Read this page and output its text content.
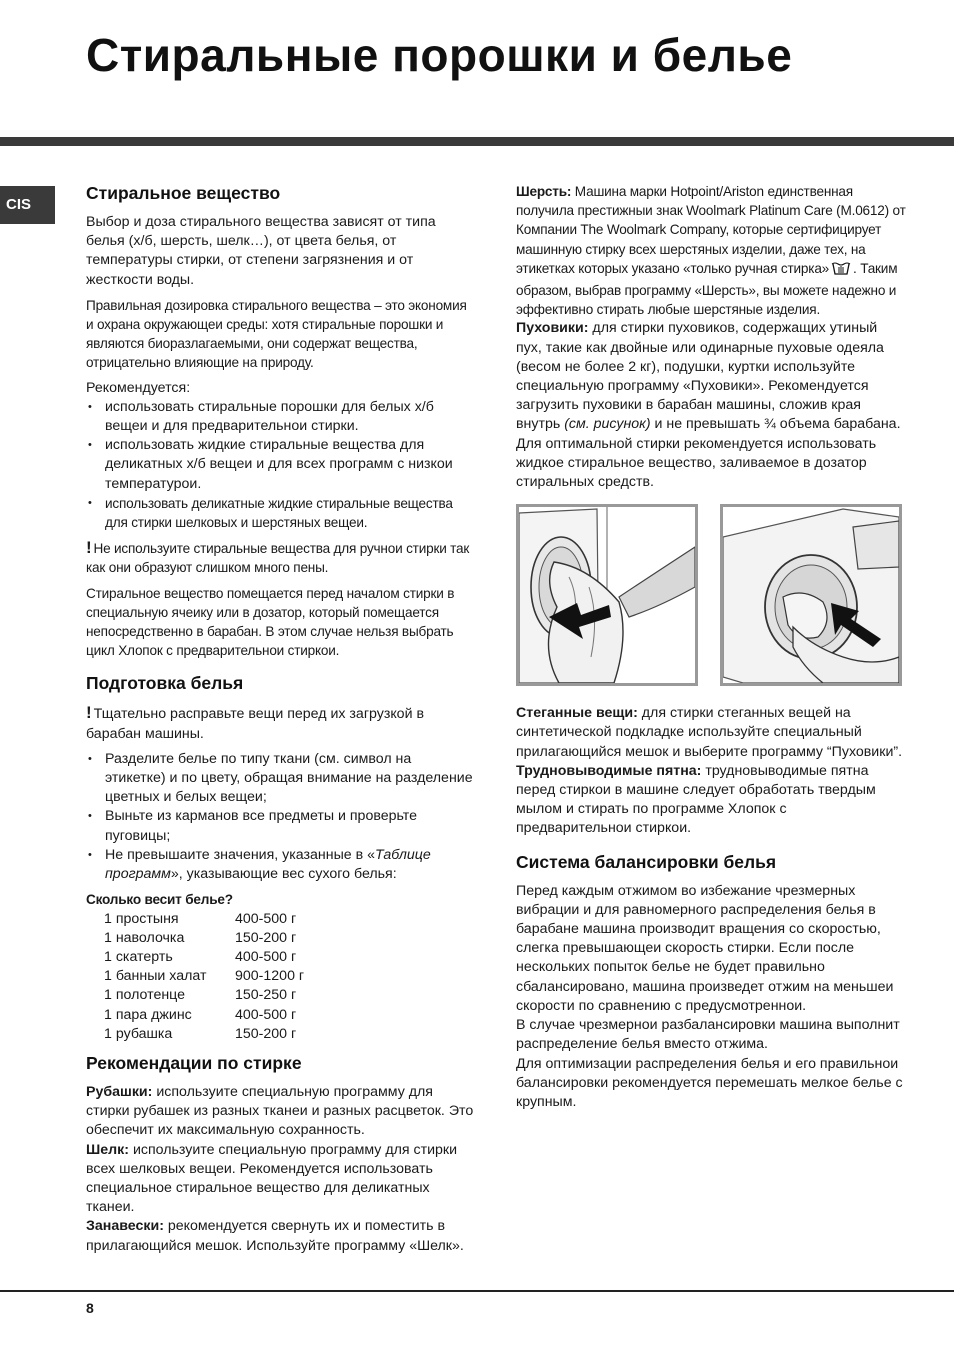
Стиральные порошки и белье
CIS
Стиральное вещество

Выбор и доза стирального вещества зависят от типа белья (х/б, шерсть, шелк…), от цвета белья, от температуры стирки, от степени загрязнения и от жесткости воды.

Правильная дозировка стирального вещества – это экономия и охрана окружающеи среды: хотя стиральные порошки и являются биоразлагаемыми, они содержат вещества, отрицательно влияющие на природу.

Рекомендуется:

• использовать стиральные порошки для белых х/б вещеи и для предварительнои стирки.
• использовать жидкие стиральные вещества для деликатных х/б вещеи и для всех программ с низкои температурои.
• использовать деликатные жидкие стиральные вещества для стирки шелковых и шерстяных вещеи.

! Не используите стиральные вещества для ручнои стирки так как они образуют слишком много пены.

Стиральное вещество помещается перед началом стирки в специальную ячеику или в дозатор, который помещается непосредственно в барабан. В этом случае нельзя выбрать цикл Хлопок с предварительнои стиркои.

Подготовка белья

! Тщательно расправьте вещи перед их загрузкой в барабан машины.

• Разделите белье по типу ткани (см. символ на этикетке) и по цвету, обращая внимание на разделение цветных и белых вещеи;
• Выньте из карманов все предметы и проверьте пуговицы;
• Не превышаите значения, указанные в «Таблице программ», указывающие вес сухого белья:

Сколько весит белье?

1 простыня	400-500 г
1 наволочка	150-200 г
1 скатерть	400-500 г
1 банныи халат	900-1200 г
1 полотенце	150-250 г
1 пара джинс	400-500 г
1 рубашка	150-200 г
Рекомендации по стирке

Рубашки: используите специальную программу для стирки рубашек из разных тканеи и разных расцветок. Это обеспечит их максимальную сохранность.

Шелк: используите специальную программу для стирки всех шелковых вещеи. Рекомендуется использовать специальное стиральное вещество для деликатных тканеи.

Занавески: рекомендуется свернуть их и поместить в прилагающийся мешок. Используйте программу «Шелк».

Шерсть: Машина марки Hotpoint/Ariston единственная получила престижныи знак Woolmark Platinum Care (M.0612) от Компании The Woolmark Company, которые сертифицирует машинную стирку всех шерстяных изделии, даже тех, на этикетках которых указано «только ручная стирка» . Таким образом, выбрав программу «Шерсть», вы можете надежно и эффективно стирать любые шерстяные изделия.

Пуховики: для стирки пуховиков, содержащих утиный пух, такие как двойные или одинарные пуховые одеяла (весом не более 2 кг), подушки, куртки используйте специальную программу «Пуховики». Рекомендуется загрузить пуховики в барабан машины, сложив края внутрь (см. рисунок) и не превышать ¾ объема барабана.

Для оптимальной стирки рекомендуется использовать жидкое стиральное вещество, заливаемое в дозатор стиральных средств.

Стеганные вещи: для стирки стеганных вещей на синтетической подкладке используйте специальный прилагающийся мешок и выберите программу “Пуховики”.

Трудновыводимые пятна: трудновыводимые пятна перед стиркои в машине следует обработать твердым мылом и стирать по программе Хлопок с предварительнои стиркои.

Система балансировки белья

Перед каждым отжимом во избежание чрезмерных вибрации и для равномерного распределения белья в барабане машина производит вращения со скоростью, слегка превышающеи скорость стирки. Если после нескольких попыток белье не будет правильно сбалансировано, машина произведет отжим на меньшеи скорости по сравнению с предусмотреннои.

В случае чрезмернои разбалансировки машина выполнит распределение белья вместо отжима.

Для оптимизации распределения белья и его правильнои балансировки рекомендуется перемешать мелкое белье с крупным.

8
